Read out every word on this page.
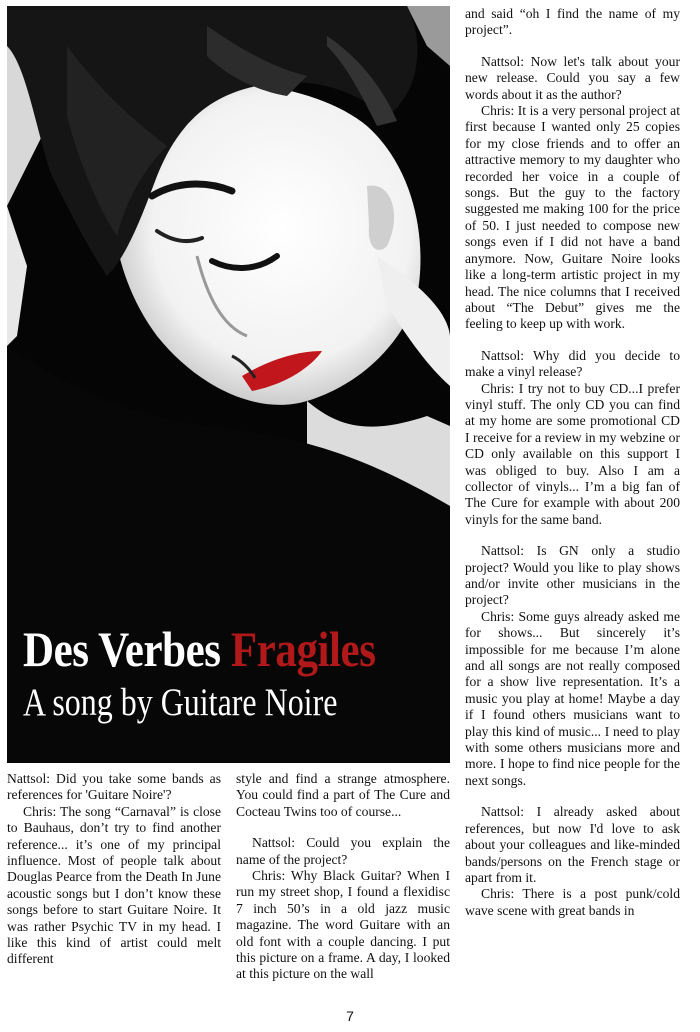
Des Verbes Fragiles
A song by Guitare Noire

Nattsol: Did you take some bands as references for 'Guitare Noire'?

Chris: The song “Carnaval” is close to Bauhaus, don’t try to find another reference... it’s one of my principal influence. Most of people talk about Douglas Pearce from the Death In June acoustic songs but I don’t know these songs before to start Guitare Noire. It was rather Psychic TV in my head. I like this kind of artist could melt different

style and find a strange atmosphere. You could find a part of The Cure and Cocteau Twins too of course...

Nattsol: Could you explain the name of the project?

Chris: Why Black Guitar? When I run my street shop, I found a flexidisc 7 inch 50’s in a old jazz music magazine. The word Guitare with an old font with a couple dancing. I put this picture on a frame. A day, I looked at this picture on the wall

and said “oh I find the name of my project”.

Nattsol: Now let's talk about your new release. Could you say a few words about it as the author?

Chris: It is a very personal project at first because I wanted only 25 copies for my close friends and to offer an attractive memory to my daughter who recorded her voice in a couple of songs. But the guy to the factory suggested me making 100 for the price of 50. I just needed to compose new songs even if I did not have a band anymore. Now, Guitare Noire looks like a long-term artistic project in my head. The nice columns that I received about “The Debut” gives me the feeling to keep up with work.

Nattsol: Why did you decide to make a vinyl release?

Chris: I try not to buy CD...I prefer vinyl stuff. The only CD you can find at my home are some promotional CD I receive for a review in my webzine or CD only available on this support I was obliged to buy. Also I am a collector of vinyls... I’m a big fan of The Cure for example with about 200 vinyls for the same band.

Nattsol: Is GN only a studio project? Would you like to play shows and/or invite other musicians in the project?

Chris: Some guys already asked me for shows... But sincerely it’s impossible for me because I’m alone and all songs are not really composed for a show live representation. It’s a music you play at home! Maybe a day if I found others musicians want to play this kind of music... I need to play with some others musicians more and more. I hope to find nice people for the next songs.

Nattsol: I already asked about references, but now I'd love to ask about your colleagues and like-minded bands/persons on the French stage or apart from it.

Chris: There is a post punk/cold wave scene with great bands in

7
